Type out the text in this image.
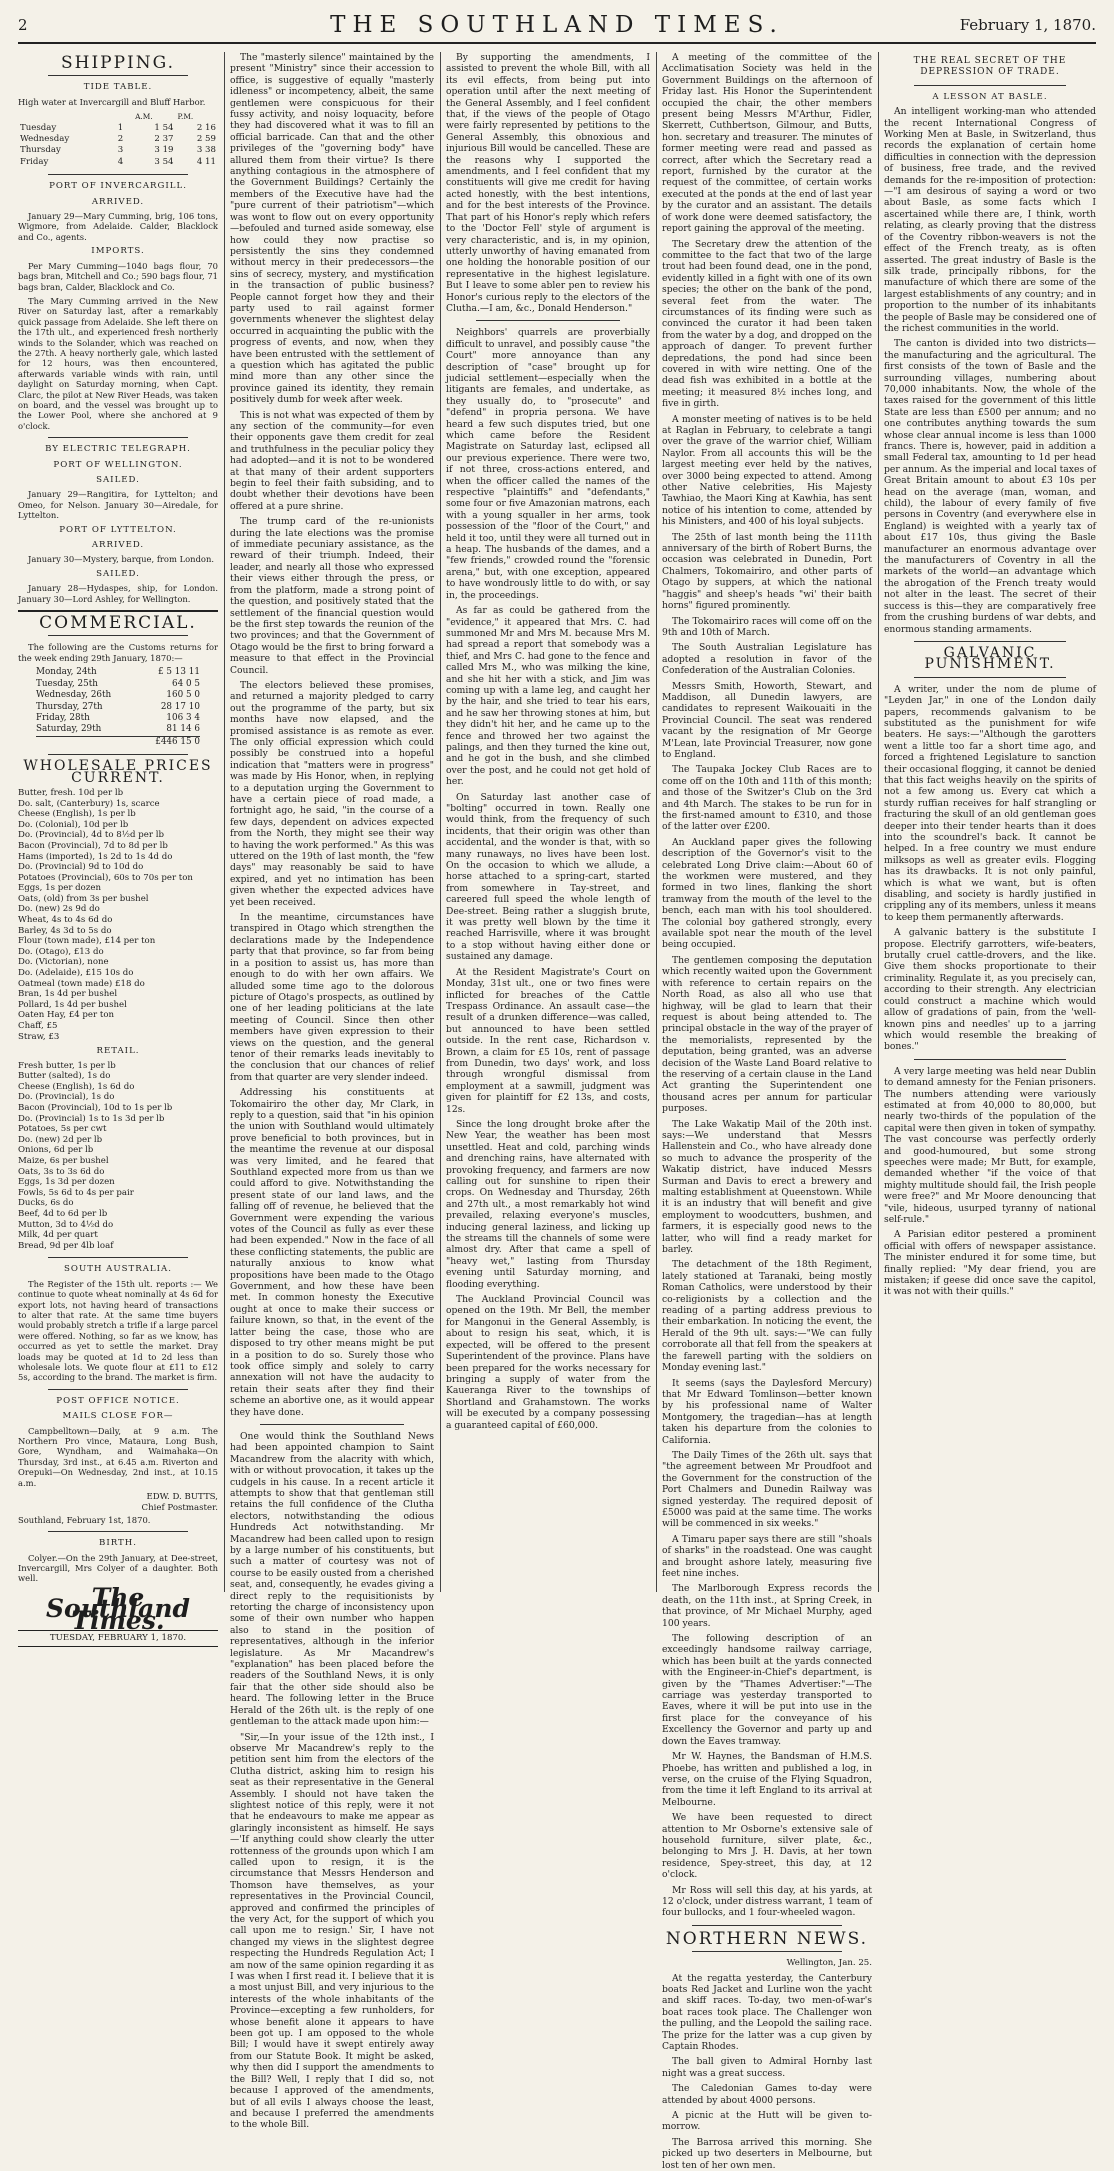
2	THE SOUTHLAND TIMES.	February 1, 1870.
SHIPPING.
TIDE TABLE.

High water at Invercargill and Bluff Harbor.

		A.M.	P.M.
Tuesday	1	1 54	2 16
Wednesday	2	2 37	2 59
Thursday	3	3 19	3 38
Friday	4	3 54	4 11
PORT OF INVERCARGILL.
ARRIVED.

January 29—Mary Cumming, brig, 106 tons, Wigmore, from Adelaide. Calder, Blacklock and Co., agents.

IMPORTS.

Per Mary Cumming—1040 bags flour, 70 bags bran, Mitchell and Co.; 590 bags flour, 71 bags bran, Calder, Blacklock and Co.

The Mary Cumming arrived in the New River on Saturday last, after a remarkably quick passage from Adelaide. She left there on the 17th ult., and experienced fresh northerly winds to the Solander, which was reached on the 27th. A heavy northerly gale, which lasted for 12 hours, was then encountered, afterwards variable winds with rain, until daylight on Saturday morning, when Capt. Clarc, the pilot at New River Heads, was taken on board, and the vessel was brought up to the Lower Pool, where she anchored at 9 o'clock.

BY ELECTRIC TELEGRAPH.
PORT OF WELLINGTON.
SAILED.

January 29—Rangitira, for Lyttelton; and Omeo, for Nelson. January 30—Airedale, for Lyttelton.

PORT OF LYTTELTON.
ARRIVED.

January 30—Mystery, barque, from London.

SAILED.

January 28—Hydaspes, ship, for London. January 30—Lord Ashley, for Wellington.

COMMERCIAL.

The following are the Customs returns for the week ending 29th January, 1870:—

Monday, 24th	£ 5 13 11
Tuesday, 25th	64 0 5
Wednesday, 26th	160 5 0
Thursday, 27th	28 17 10
Friday, 28th	106 3 4
Saturday, 29th	81 14 6
	£446 15 0
WHOLESALE PRICES CURRENT.
Butter, fresh. 10d per lb
Do. salt, (Canterbury) 1s, scarce
Cheese (English), 1s per lb
Do. (Colonial), 10d per lb
Do. (Provincial), 4d to 8½d per lb
Bacon (Provincial), 7d to 8d per lb
Hams (imported), 1s 2d to 1s 4d do
Do. (Provincial) 9d to 10d do
Potatoes (Provincial), 60s to 70s per ton
Eggs, 1s per dozen
Oats, (old) from 3s per bushel
Do. (new) 2s 9d do
Wheat, 4s to 4s 6d do
Barley, 4s 3d to 5s do
Flour (town made), £14 per ton
Do. (Otago), £13 do
Do. (Victorian), none
Do. (Adelaide), £15 10s do
Oatmeal (town made) £18 do
Bran, 1s 4d per bushel
Pollard, 1s 4d per bushel
Oaten Hay, £4 per ton
Chaff, £5
Straw, £3
RETAIL.
Fresh butter, 1s per lb
Butter (salted), 1s do
Cheese (English), 1s 6d do
Do. (Provincial), 1s do
Bacon (Provincial), 10d to 1s per lb
Do. (Provincial) 1s to 1s 3d per lb
Potatoes, 5s per cwt
Do. (new) 2d per lb
Onions, 6d per lb
Maize, 6s per bushel
Oats, 3s to 3s 6d do
Eggs, 1s 3d per dozen
Fowls, 5s 6d to 4s per pair
Ducks, 6s do
Beef, 4d to 6d per lb
Mutton, 3d to 4½d do
Milk, 4d per quart
Bread, 9d per 4lb loaf
SOUTH AUSTRALIA.

The Register of the 15th ult. reports :— We continue to quote wheat nominally at 4s 6d for export lots, not having heard of transactions to alter that rate. At the same time buyers would probably stretch a trifle if a large parcel were offered. Nothing, so far as we know, has occurred as yet to settle the market. Dray loads may be quoted at 1d to 2d less than wholesale lots. We quote flour at £11 to £12 5s, according to the brand. The market is firm.

POST OFFICE NOTICE.
MAILS CLOSE FOR—

Campbelltown—Daily, at 9 a.m. The Northern Pro vince, Mataura, Long Bush, Gore, Wyndham, and Waimahaka—On Thursday, 3rd inst., at 6.45 a.m. Riverton and Orepuki—On Wednesday, 2nd inst., at 10.15 a.m.

EDW. D. BUTTS,
Chief Postmaster.
Southland, February 1st, 1870.
BIRTH.

Colyer.—On the 29th January, at Dee-street, Invercargill, Mrs Colyer of a daughter. Both well.

The Southland Times.
TUESDAY, FEBRUARY 1, 1870.

The "masterly silence" maintained by the present "Ministry" since their accession to office, is suggestive of equally "masterly idleness" or incompetency, albeit, the same gentlemen were conspicuous for their fussy activity, and noisy loquacity, before they had discovered what it was to fill an official barricade. Can that and the other privileges of the "governing body" have allured them from their virtue? Is there anything contagious in the atmosphere of the Government Buildings? Certainly the members of the Executive have had the "pure current of their patriotism"—which was wont to flow out on every opportunity—befouled and turned aside someway, else how could they now practise so persistently the sins they condemned without mercy in their predecessors—the sins of secrecy, mystery, and mystification in the transaction of public business? People cannot forget how they and their party used to rail against former governments whenever the slightest delay occurred in acquainting the public with the progress of events, and now, when they have been entrusted with the settlement of a question which has agitated the public mind more than any other since the province gained its identity, they remain positively dumb for week after week.

This is not what was expected of them by any section of the community—for even their opponents gave them credit for zeal and truthfulness in the peculiar policy they had adopted—and it is not to be wondered at that many of their ardent supporters begin to feel their faith subsiding, and to doubt whether their devotions have been offered at a pure shrine.

The trump card of the re-unionists during the late elections was the promise of immediate pecuniary assistance, as the reward of their triumph. Indeed, their leader, and nearly all those who expressed their views either through the press, or from the platform, made a strong point of the question, and positively stated that the settlement of the financial question would be the first step towards the reunion of the two provinces; and that the Government of Otago would be the first to bring forward a measure to that effect in the Provincial Council.

The electors believed these promises, and returned a majority pledged to carry out the programme of the party, but six months have now elapsed, and the promised assistance is as remote as ever. The only official expression which could possibly be construed into a hopeful indication that "matters were in progress" was made by His Honor, when, in replying to a deputation urging the Government to have a certain piece of road made, a fortnight ago, he said, "in the course of a few days, dependent on advices expected from the North, they might see their way to having the work performed." As this was uttered on the 19th of last month, the "few days" may reasonably be said to have expired, and yet no intimation has been given whether the expected advices have yet been received.

In the meantime, circumstances have transpired in Otago which strengthen the declarations made by the Independence party that that province, so far from being in a position to assist us, has more than enough to do with her own affairs. We alluded some time ago to the dolorous picture of Otago's prospects, as outlined by one of her leading politicians at the late meeting of Council. Since then other members have given expression to their views on the question, and the general tenor of their remarks leads inevitably to the conclusion that our chances of relief from that quarter are very slender indeed.

Addressing his constituents at Tokomairiro the other day, Mr Clark, in reply to a question, said that "in his opinion the union with Southland would ultimately prove beneficial to both provinces, but in the meantime the revenue at our disposal was very limited, and he feared that Southland expected more from us than we could afford to give. Notwithstanding the present state of our land laws, and the falling off of revenue, he believed that the Government were expending the various votes of the Council as fully as ever these had been expended." Now in the face of all these conflicting statements, the public are naturally anxious to know what propositions have been made to the Otago Government, and how these have been met. In common honesty the Executive ought at once to make their success or failure known, so that, in the event of the latter being the case, those who are disposed to try other means might be put in a position to do so. Surely those who took office simply and solely to carry annexation will not have the audacity to retain their seats after they find their scheme an abortive one, as it would appear they have done.

One would think the Southland News had been appointed champion to Saint Macandrew from the alacrity with which, with or without provocation, it takes up the cudgels in his cause. In a recent article it attempts to show that that gentleman still retains the full confidence of the Clutha electors, notwithstanding the odious Hundreds Act notwithstanding. Mr Macandrew had been called upon to resign by a large number of his constituents, but such a matter of courtesy was not of course to be easily ousted from a cherished seat, and, consequently, he evades giving a direct reply to the requisitionists by retorting the charge of inconsistency upon some of their own number who happen also to stand in the position of representatives, although in the inferior legislature. As Mr Macandrew's "explanation" has been placed before the readers of the Southland News, it is only fair that the other side should also be heard. The following letter in the Bruce Herald of the 26th ult. is the reply of one gentleman to the attack made upon him:—

"Sir,—In your issue of the 12th inst., I observe Mr Macandrew's reply to the petition sent him from the electors of the Clutha district, asking him to resign his seat as their representative in the General Assembly. I should not have taken the slightest notice of this reply, were it not that he endeavours to make me appear as glaringly inconsistent as himself. He says—'If anything could show clearly the utter rottenness of the grounds upon which I am called upon to resign, it is the circumstance that Messrs Henderson and Thomson have themselves, as your representatives in the Provincial Council, approved and confirmed the principles of the very Act, for the support of which you call upon me to resign.' Sir, I have not changed my views in the slightest degree respecting the Hundreds Regulation Act; I am now of the same opinion regarding it as I was when I first read it. I believe that it is a most unjust Bill, and very injurious to the interests of the whole inhabitants of the Province—excepting a few runholders, for whose benefit alone it appears to have been got up. I am opposed to the whole Bill; I would have it swept entirely away from our Statute Book. It might be asked, why then did I support the amendments to the Bill? Well, I reply that I did so, not because I approved of the amendments, but of all evils I always choose the least, and because I preferred the amendments to the whole Bill.

By supporting the amendments, I assisted to prevent the whole Bill, with all its evil effects, from being put into operation until after the next meeting of the General Assembly, and I feel confident that, if the views of the people of Otago were fairly represented by petitions to the General Assembly, this obnoxious and injurious Bill would be cancelled. These are the reasons why I supported the amendments, and I feel confident that my constituents will give me credit for having acted honestly, with the best intentions, and for the best interests of the Province. That part of his Honor's reply which refers to the 'Doctor Fell' style of argument is very characteristic, and is, in my opinion, utterly unworthy of having emanated from one holding the honorable position of our representative in the highest legislature. But I leave to some abler pen to review his Honor's curious reply to the electors of the Clutha.—I am, &c., Donald Henderson."

Neighbors' quarrels are proverbially difficult to unravel, and possibly cause "the Court" more annoyance than any description of "case" brought up for judicial settlement—especially when the litigants are females, and undertake, as they usually do, to "prosecute" and "defend" in propria persona. We have heard a few such disputes tried, but one which came before the Resident Magistrate on Saturday last, eclipsed all our previous experience. There were two, if not three, cross-actions entered, and when the officer called the names of the respective "plaintiffs" and "defendants," some four or five Amazonian matrons, each with a young squaller in her arms, took possession of the "floor of the Court," and held it too, until they were all turned out in a heap. The husbands of the dames, and a "few friends," crowded round the "forensic arena," but, with one exception, appeared to have wondrously little to do with, or say in, the proceedings.

As far as could be gathered from the "evidence," it appeared that Mrs. C. had summoned Mr and Mrs M. because Mrs M. had spread a report that somebody was a thief, and Mrs C. had gone to the fence and called Mrs M., who was milking the kine, and she hit her with a stick, and Jim was coming up with a lame leg, and caught her by the hair, and she tried to tear his ears, and he saw her throwing stones at him, but they didn't hit her, and he came up to the fence and throwed her two against the palings, and then they turned the kine out, and he got in the bush, and she climbed over the post, and he could not get hold of her.

On Saturday last another case of "bolting" occurred in town. Really one would think, from the frequency of such incidents, that their origin was other than accidental, and the wonder is that, with so many runaways, no lives have been lost. On the occasion to which we allude, a horse attached to a spring-cart, started from somewhere in Tay-street, and careered full speed the whole length of Dee-street. Being rather a sluggish brute, it was pretty well blown by the time it reached Harrisville, where it was brought to a stop without having either done or sustained any damage.

At the Resident Magistrate's Court on Monday, 31st ult., one or two fines were inflicted for breaches of the Cattle Trespass Ordinance. An assault case—the result of a drunken difference—was called, but announced to have been settled outside. In the rent case, Richardson v. Brown, a claim for £5 10s, rent of passage from Dunedin, two days' work, and loss through wrongful dismissal from employment at a sawmill, judgment was given for plaintiff for £2 13s, and costs, 12s.

Since the long drought broke after the New Year, the weather has been most unsettled. Heat and cold, parching winds and drenching rains, have alternated with provoking frequency, and farmers are now calling out for sunshine to ripen their crops. On Wednesday and Thursday, 26th and 27th ult., a most remarkably hot wind prevailed, relaxing everyone's muscles, inducing general laziness, and licking up the streams till the channels of some were almost dry. After that came a spell of "heavy wet," lasting from Thursday evening until Saturday morning, and flooding everything.

The Auckland Provincial Council was opened on the 19th. Mr Bell, the member for Mangonui in the General Assembly, is about to resign his seat, which, it is expected, will be offered to the present Superintendent of the province. Plans have been prepared for the works necessary for bringing a supply of water from the Kaueranga River to the townships of Shortland and Grahamstown. The works will be executed by a company possessing a guaranteed capital of £60,000.

A meeting of the committee of the Acclimatisation Society was held in the Government Buildings on the afternoon of Friday last. His Honor the Superintendent occupied the chair, the other members present being Messrs M'Arthur, Fidler, Skerrett, Cuthbertson, Gilmour, and Butts, hon. secretary and treasurer. The minutes of former meeting were read and passed as correct, after which the Secretary read a report, furnished by the curator at the request of the committee, of certain works executed at the ponds at the end of last year by the curator and an assistant. The details of work done were deemed satisfactory, the report gaining the approval of the meeting.

The Secretary drew the attention of the committee to the fact that two of the large trout had been found dead, one in the pond, evidently killed in a fight with one of its own species; the other on the bank of the pond, several feet from the water. The circumstances of its finding were such as convinced the curator it had been taken from the water by a dog, and dropped on the approach of danger. To prevent further depredations, the pond had since been covered in with wire netting. One of the dead fish was exhibited in a bottle at the meeting; it measured 8½ inches long, and five in girth.

A monster meeting of natives is to be held at Raglan in February, to celebrate a tangi over the grave of the warrior chief, William Naylor. From all accounts this will be the largest meeting ever held by the natives, over 3000 being expected to attend. Among other Native celebrities, His Majesty Tawhiao, the Maori King at Kawhia, has sent notice of his intention to come, attended by his Ministers, and 400 of his loyal subjects.

The 25th of last month being the 111th anniversary of the birth of Robert Burns, the occasion was celebrated in Dunedin, Port Chalmers, Tokomairiro, and other parts of Otago by suppers, at which the national "haggis" and sheep's heads "wi' their baith horns" figured prominently.

The Tokomairiro races will come off on the 9th and 10th of March.

The South Australian Legislature has adopted a resolution in favor of the Confederation of the Australian Colonies.

Messrs Smith, Howorth, Stewart, and Maddison, all Dunedin lawyers, are candidates to represent Waikouaiti in the Provincial Council. The seat was rendered vacant by the resignation of Mr George M'Lean, late Provincial Treasurer, now gone to England.

The Taupaka Jockey Club Races are to come off on the 10th and 11th of this month; and those of the Switzer's Club on the 3rd and 4th March. The stakes to be run for in the first-named amount to £310, and those of the latter over £200.

An Auckland paper gives the following description of the Governor's visit to the celebrated Long Drive claim:—About 60 of the workmen were mustered, and they formed in two lines, flanking the short tramway from the mouth of the level to the bench, each man with his tool shouldered. The colonial boy gathered strongly, every available spot near the mouth of the level being occupied.

The gentlemen composing the deputation which recently waited upon the Government with reference to certain repairs on the North Road, as also all who use that highway, will be glad to learn that their request is about being attended to. The principal obstacle in the way of the prayer of the memorialists, represented by the deputation, being granted, was an adverse decision of the Waste Land Board relative to the reserving of a certain clause in the Land Act granting the Superintendent one thousand acres per annum for particular purposes.

The Lake Wakatip Mail of the 20th inst. says:—We understand that Messrs Hallenstein and Co., who have already done so much to advance the prosperity of the Wakatip district, have induced Messrs Surman and Davis to erect a brewery and malting establishment at Queenstown. While it is an industry that will benefit and give employment to woodcutters, bushmen, and farmers, it is especially good news to the latter, who will find a ready market for barley.

The detachment of the 18th Regiment, lately stationed at Taranaki, being mostly Roman Catholics, were understood by their co-religionists by a collection and the reading of a parting address previous to their embarkation. In noticing the event, the Herald of the 9th ult. says:—"We can fully corroborate all that fell from the speakers at the farewell parting with the soldiers on Monday evening last."

It seems (says the Daylesford Mercury) that Mr Edward Tomlinson—better known by his professional name of Walter Montgomery, the tragedian—has at length taken his departure from the colonies to California.

The Daily Times of the 26th ult. says that "the agreement between Mr Proudfoot and the Government for the construction of the Port Chalmers and Dunedin Railway was signed yesterday. The required deposit of £5000 was paid at the same time. The works will be commenced in six weeks."

A Timaru paper says there are still "shoals of sharks" in the roadstead. One was caught and brought ashore lately, measuring five feet nine inches.

The Marlborough Express records the death, on the 11th inst., at Spring Creek, in that province, of Mr Michael Murphy, aged 100 years.

The following description of an exceedingly handsome railway carriage, which has been built at the yards connected with the Engineer-in-Chief's department, is given by the "Thames Advertiser:"—The carriage was yesterday transported to Eaves, where it will be put into use in the first place for the conveyance of his Excellency the Governor and party up and down the Eaves tramway.

Mr W. Haynes, the Bandsman of H.M.S. Phoebe, has written and published a log, in verse, on the cruise of the Flying Squadron, from the time it left England to its arrival at Melbourne.

We have been requested to direct attention to Mr Osborne's extensive sale of household furniture, silver plate, &c., belonging to Mrs J. H. Davis, at her town residence, Spey-street, this day, at 12 o'clock.

Mr Ross will sell this day, at his yards, at 12 o'clock, under distress warrant, 1 team of four bullocks, and 1 four-wheeled wagon.

NORTHERN NEWS.
Wellington, Jan. 25.

At the regatta yesterday, the Canterbury boats Red Jacket and Lurline won the yacht and skiff races. To-day, two men-of-war's boat races took place. The Challenger won the pulling, and the Leopold the sailing race. The prize for the latter was a cup given by Captain Rhodes.

The ball given to Admiral Hornby last night was a great success.

The Caledonian Games to-day were attended by about 4000 persons.

A picnic at the Hutt will be given to-morrow.

The Barrosa arrived this morning. She picked up two deserters in Melbourne, but lost ten of her own men.

THE REAL SECRET OF THE DEPRESSION OF TRADE.
A LESSON AT BASLE.

An intelligent working-man who attended the recent International Congress of Working Men at Basle, in Switzerland, thus records the explanation of certain home difficulties in connection with the depression of business, free trade, and the revived demands for the re-imposition of protection:—"I am desirous of saying a word or two about Basle, as some facts which I ascertained while there are, I think, worth relating, as clearly proving that the distress of the Coventry ribbon-weavers is not the effect of the French treaty, as is often asserted. The great industry of Basle is the silk trade, principally ribbons, for the manufacture of which there are some of the largest establishments of any country; and in proportion to the number of its inhabitants the people of Basle may be considered one of the richest communities in the world.

The canton is divided into two districts—the manufacturing and the agricultural. The first consists of the town of Basle and the surrounding villages, numbering about 70,000 inhabitants. Now, the whole of the taxes raised for the government of this little State are less than £500 per annum; and no one contributes anything towards the sum whose clear annual income is less than 1000 francs. There is, however, paid in addition a small Federal tax, amounting to 1d per head per annum. As the imperial and local taxes of Great Britain amount to about £3 10s per head on the average (man, woman, and child), the labour of every family of five persons in Coventry (and everywhere else in England) is weighted with a yearly tax of about £17 10s, thus giving the Basle manufacturer an enormous advantage over the manufacturers of Coventry in all the markets of the world—an advantage which the abrogation of the French treaty would not alter in the least. The secret of their success is this—they are comparatively free from the crushing burdens of war debts, and enormous standing armaments.

GALVANIC PUNISHMENT.

A writer, under the nom de plume of "Leyden Jar," in one of the London daily papers, recommends galvanism to be substituted as the punishment for wife beaters. He says:—"Although the garotters went a little too far a short time ago, and forced a frightened Legislature to sanction their occasional flogging, it cannot be denied that this fact weighs heavily on the spirits of not a few among us. Every cat which a sturdy ruffian receives for half strangling or fracturing the skull of an old gentleman goes deeper into their tender hearts than it does into the scoundrel's back. It cannot be helped. In a free country we must endure milksops as well as greater evils. Flogging has its drawbacks. It is not only painful, which is what we want, but is often disabling, and society is hardly justified in crippling any of its members, unless it means to keep them permanently afterwards.

A galvanic battery is the substitute I propose. Electrify garrotters, wife-beaters, brutally cruel cattle-drovers, and the like. Give them shocks proportionate to their criminality. Regulate it, as you precisely can, according to their strength. Any electrician could construct a machine which would allow of gradations of pain, from the 'well-known pins and needles' up to a jarring which would resemble the breaking of bones."

A very large meeting was held near Dublin to demand amnesty for the Fenian prisoners. The numbers attending were variously estimated at from 40,000 to 80,000, but nearly two-thirds of the population of the capital were then given in token of sympathy. The vast concourse was perfectly orderly and good-humoured, but some strong speeches were made; Mr Butt, for example, demanded whether "if the voice of that mighty multitude should fail, the Irish people were free?" and Mr Moore denouncing that "vile, hideous, usurped tyranny of national self-rule."

A Parisian editor pestered a prominent official with offers of newspaper assistance. The minister endured it for some time, but finally replied: "My dear friend, you are mistaken; if geese did once save the capitol, it was not with their quills."
